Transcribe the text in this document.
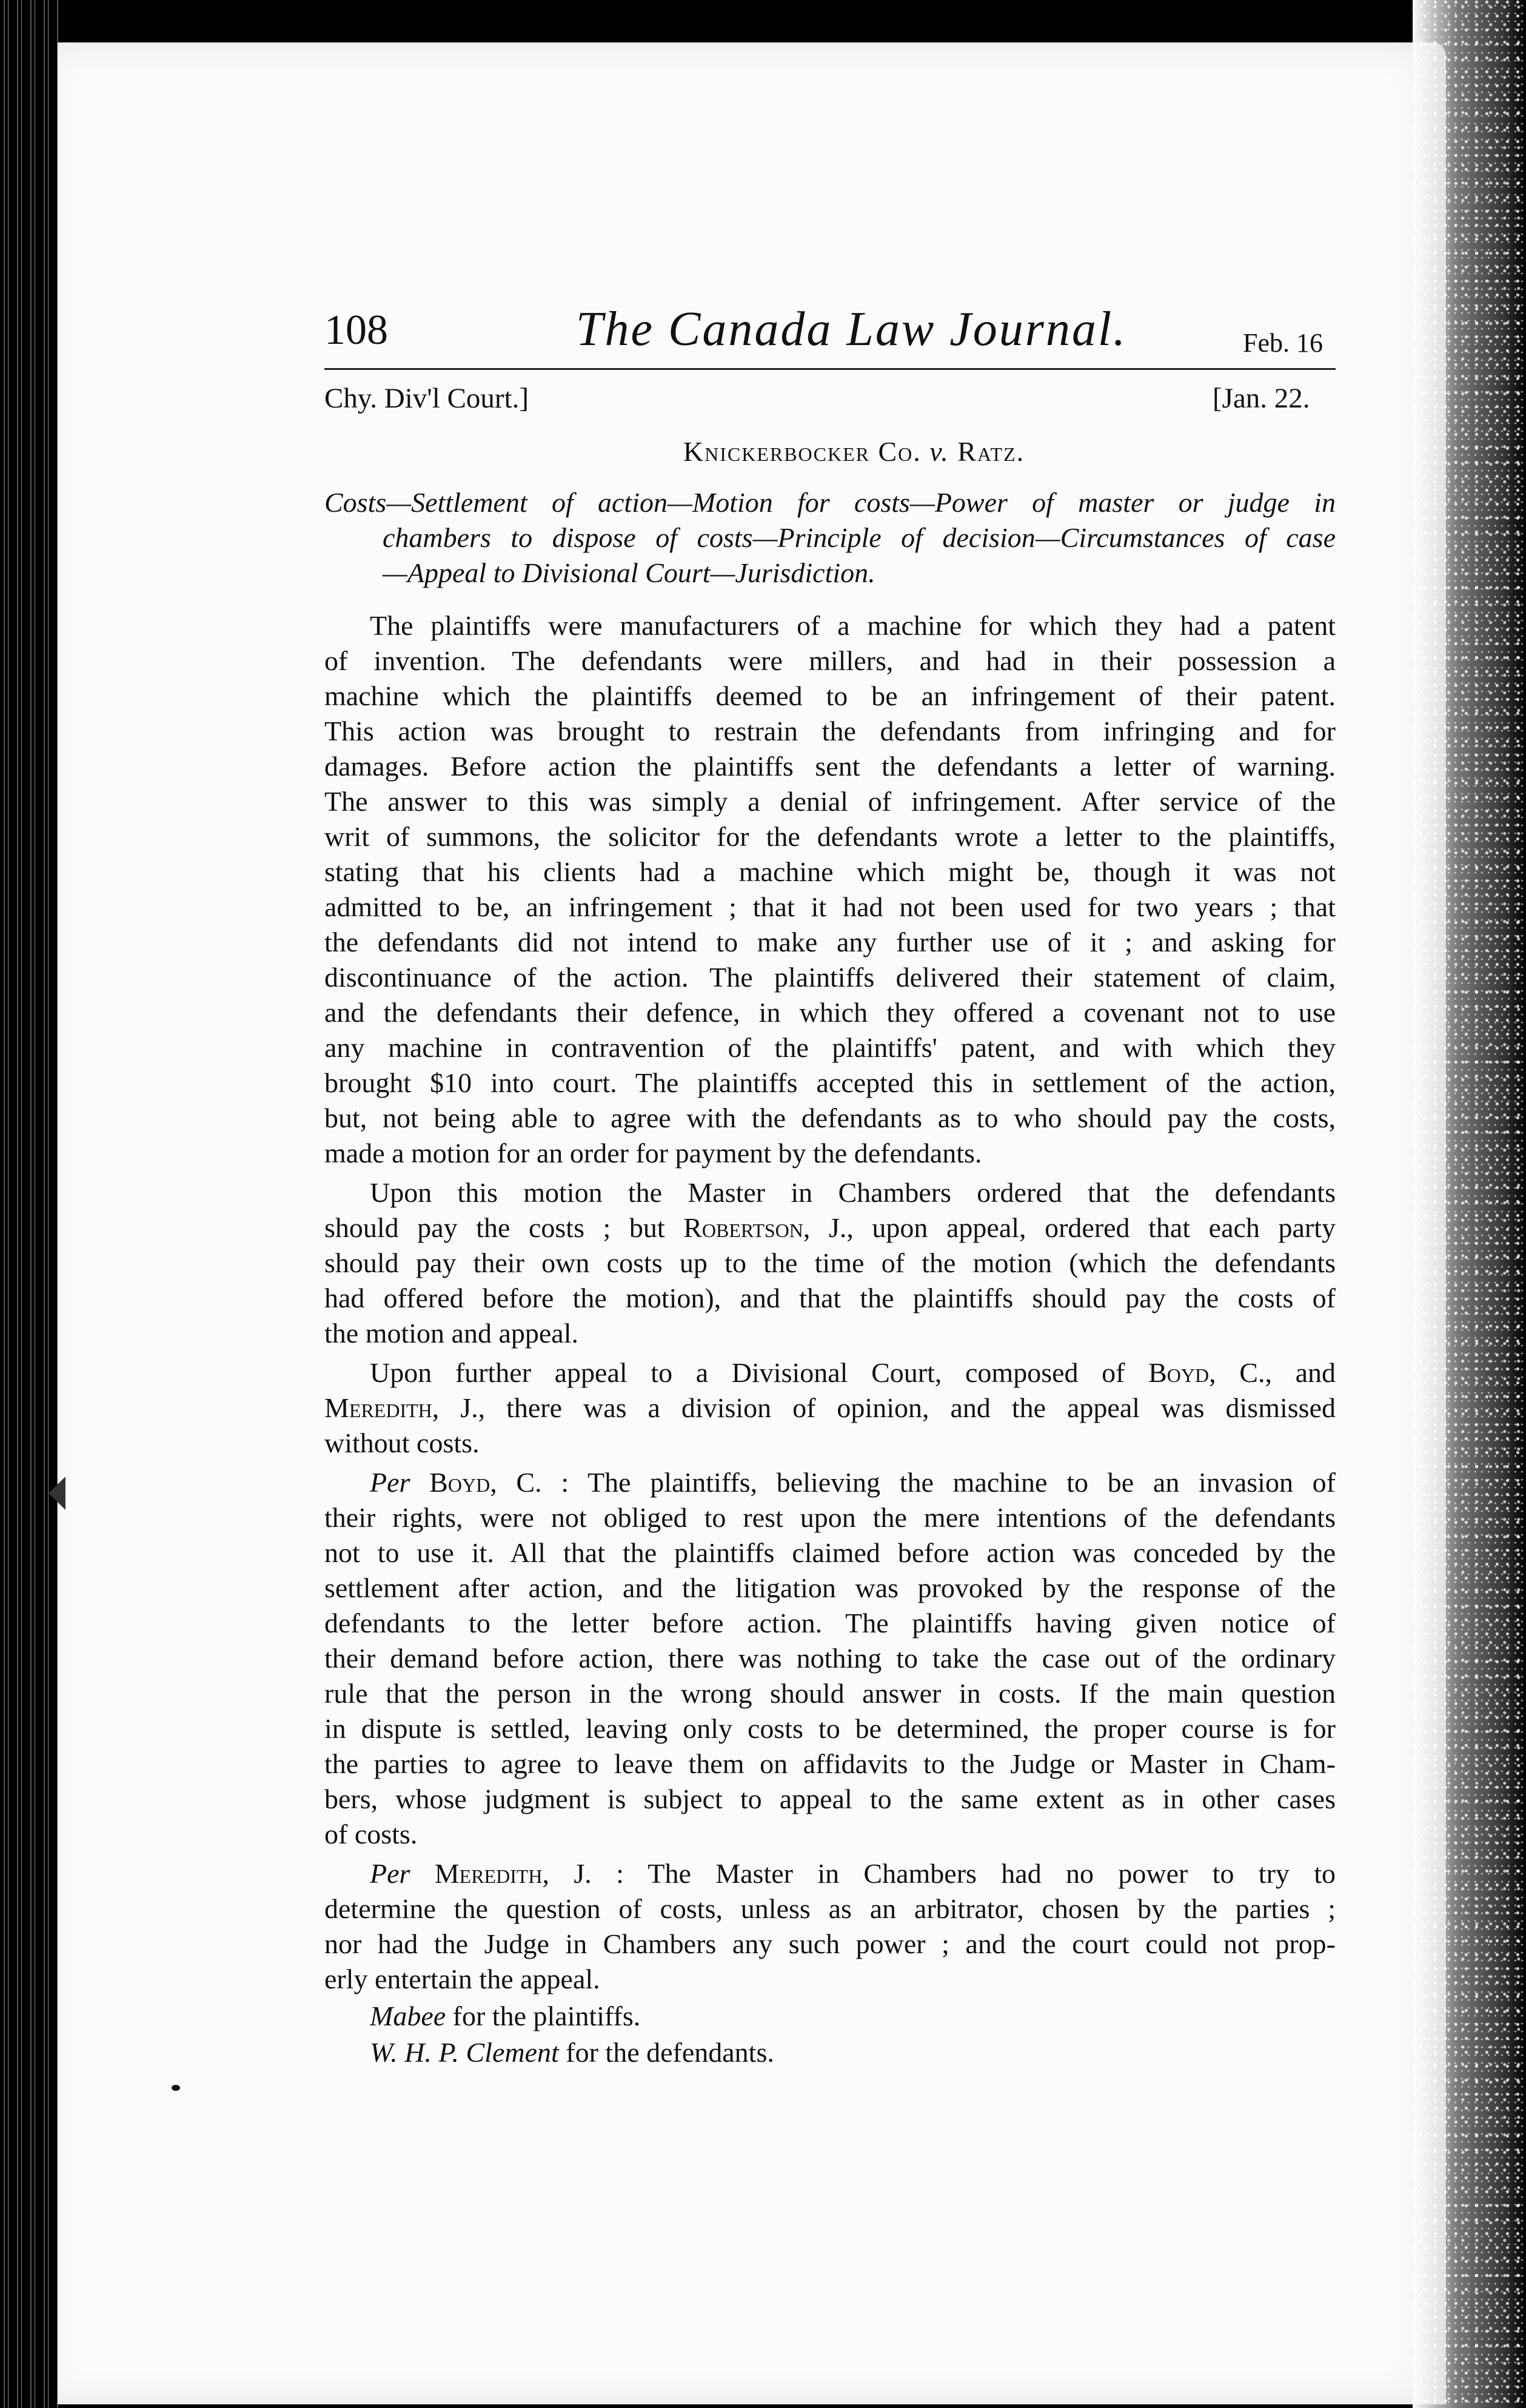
108	The Canada Law Journal.	Feb. 16
Chy. Div'l Court.]	[Jan. 22.
Knickerbocker Co. v. Ratz.
Costs—Settlement of action—Motion for costs—Power of master or judge in
chambers to dispose of costs—Principle of decision—Circumstances of case
—Appeal to Divisional Court—Jurisdiction.
The plaintiffs were manufacturers of a machine for which they had a patent
of invention. The defendants were millers, and had in their possession a
machine which the plaintiffs deemed to be an infringement of their patent.
This action was brought to restrain the defendants from infringing and for
damages. Before action the plaintiffs sent the defendants a letter of warning.
The answer to this was simply a denial of infringement. After service of the
writ of summons, the solicitor for the defendants wrote a letter to the plaintiffs,
stating that his clients had a machine which might be, though it was not
admitted to be, an infringement ; that it had not been used for two years ; that
the defendants did not intend to make any further use of it ; and asking for
discontinuance of the action. The plaintiffs delivered their statement of claim,
and the defendants their defence, in which they offered a covenant not to use
any machine in contravention of the plaintiffs' patent, and with which they
brought $10 into court. The plaintiffs accepted this in settlement of the action,
but, not being able to agree with the defendants as to who should pay the costs,
made a motion for an order for payment by the defendants.
Upon this motion the Master in Chambers ordered that the defendants
should pay the costs ; but Robertson, J., upon appeal, ordered that each party
should pay their own costs up to the time of the motion (which the defendants
had offered before the motion), and that the plaintiffs should pay the costs of
the motion and appeal.
Upon further appeal to a Divisional Court, composed of Boyd, C., and
Meredith, J., there was a division of opinion, and the appeal was dismissed
without costs.
Per Boyd, C. : The plaintiffs, believing the machine to be an invasion of
their rights, were not obliged to rest upon the mere intentions of the defendants
not to use it. All that the plaintiffs claimed before action was conceded by the
settlement after action, and the litigation was provoked by the response of the
defendants to the letter before action. The plaintiffs having given notice of
their demand before action, there was nothing to take the case out of the ordinary
rule that the person in the wrong should answer in costs. If the main question
in dispute is settled, leaving only costs to be determined, the proper course is for
the parties to agree to leave them on affidavits to the Judge or Master in Cham-
bers, whose judgment is subject to appeal to the same extent as in other cases
of costs.
Per Meredith, J. : The Master in Chambers had no power to try to
determine the question of costs, unless as an arbitrator, chosen by the parties ;
nor had the Judge in Chambers any such power ; and the court could not prop-
erly entertain the appeal.
Mabee for the plaintiffs.
W. H. P. Clement for the defendants.
